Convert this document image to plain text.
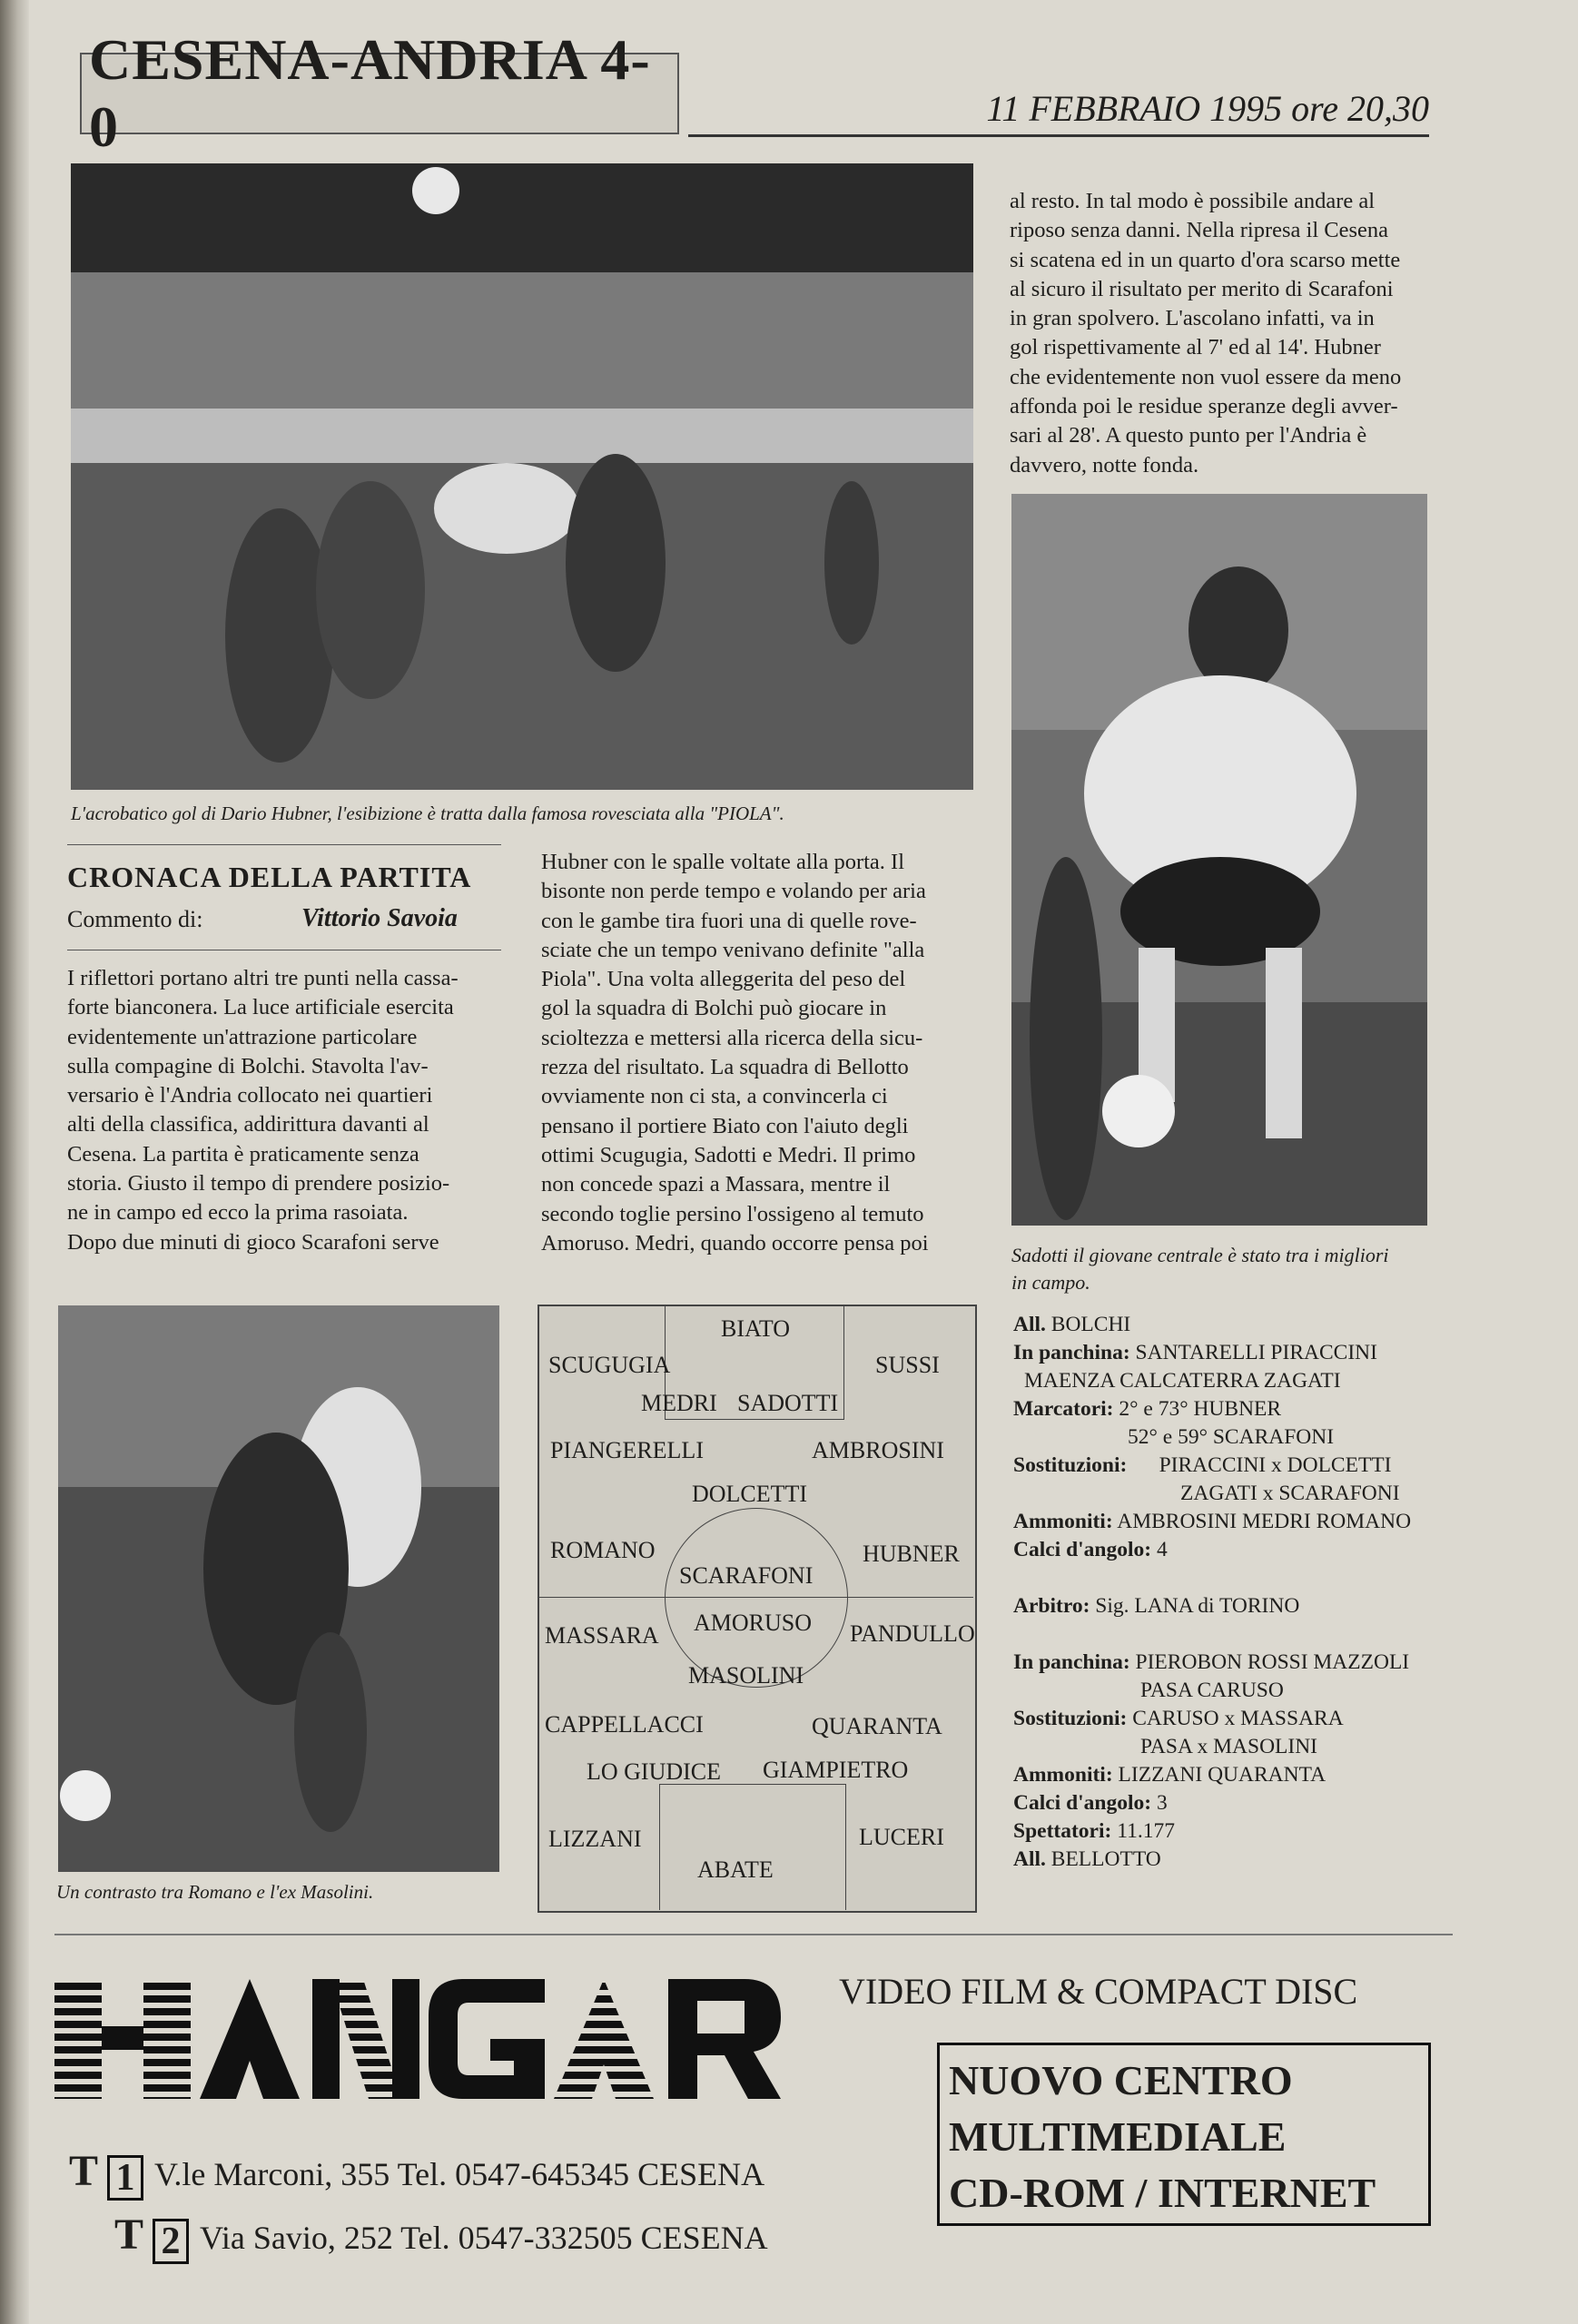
CESENA-ANDRIA 4-0	11 FEBBRAIO 1995 ore 20,30
L'acrobatico gol di Dario Hubner, l'esibizione è tratta dalla famosa rovesciata alla "PIOLA".
CRONACA DELLA PARTITA
Commento di:	Vittorio Savoia
I riflettori portano altri tre punti nella cassa-
forte bianconera. La luce artificiale esercita
evidentemente un'attrazione particolare
sulla compagine di Bolchi. Stavolta l'av-
versario è l'Andria collocato nei quartieri
alti della classifica, addirittura davanti al
Cesena. La partita è praticamente senza
storia. Giusto il tempo di prendere posizio-
ne in campo ed ecco la prima rasoiata.
Dopo due minuti di gioco Scarafoni serve
Hubner con le spalle voltate alla porta. Il
bisonte non perde tempo e volando per aria
con le gambe tira fuori una di quelle rove-
sciate che un tempo venivano definite "alla
Piola". Una volta alleggerita del peso del
gol la squadra di Bolchi può giocare in
scioltezza e mettersi alla ricerca della sicu-
rezza del risultato. La squadra di Bellotto
ovviamente non ci sta, a convincerla ci
pensano il portiere Biato con l'aiuto degli
ottimi Scugugia, Sadotti e Medri. Il primo
non concede spazi a Massara, mentre il
secondo toglie persino l'ossigeno al temuto
Amoruso. Medri, quando occorre pensa poi
al resto. In tal modo è possibile andare al
riposo senza danni. Nella ripresa il Cesena
si scatena ed in un quarto d'ora scarso mette
al sicuro il risultato per merito di Scarafoni
in gran spolvero. L'ascolano infatti, va in
gol rispettivamente al 7' ed al 14'. Hubner
che evidentemente non vuol essere da meno
affonda poi le residue speranze degli avver-
sari al 28'. A questo punto per l'Andria è
davvero, notte fonda.
Sadotti il giovane centrale è stato tra i migliori
in campo.
Un contrasto tra Romano e l'ex Masolini.
BIATO
SCUGUGIA	SUSSI
MEDRI SADOTTI
PIANGERELLI	AMBROSINI
DOLCETTI
ROMANO	HUBNER
SCARAFONI
AMORUSO
MASSARA	PANDULLO
MASOLINI
CAPPELLACCI	QUARANTA
LO GIUDICE GIAMPIETRO
LIZZANI	LUCERI
ABATE
All. BOLCHI
In panchina: SANTARELLI PIRACCINI
MAENZA CALCATERRA ZAGATI
Marcatori: 2° e 73° HUBNER
52° e 59° SCARAFONI
Sostituzioni: PIRACCINI x DOLCETTI
ZAGATI x SCARAFONI
Ammoniti: AMBROSINI MEDRI ROMANO
Calci d'angolo: 4
Arbitro: Sig. LANA di TORINO
In panchina: PIEROBON ROSSI MAZZOLI
PASA CARUSO
Sostituzioni: CARUSO x MASSARA
PASA x MASOLINI
Ammoniti: LIZZANI QUARANTA
Calci d'angolo: 3
Spettatori: 11.177
All. BELLOTTO
VIDEO FILM & COMPACT DISC
NUOVO CENTRO
MULTIMEDIALE
CD-ROM / INTERNET
T 1 V.le Marconi, 355 Tel. 0547-645345 CESENA
T 2 Via Savio, 252 Tel. 0547-332505 CESENA
